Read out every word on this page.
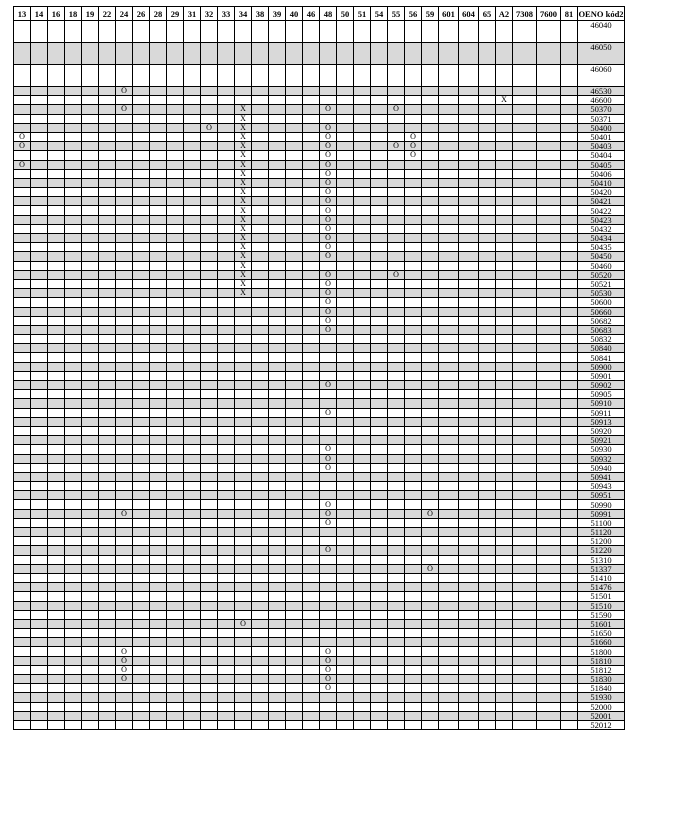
13	14	16	18	19	22	24	26	28	29	31	32	33	34	38	39	40	46	48	50	51	54	55	56	59	601	604	65	A2	7308	7600	81	OENO kód2
																																46040
																																46050
																																46060
						O																										46530
																												X				46600
						O							X					O				O										50370
													X																			50371
											O		X					O														50400
O													X					O					O									50401
O													X					O				O	O									50403
													X					O					O									50404
O													X					O														50405
													X					O														50406
													X					O														50410
													X					O														50420
													X					O														50421
													X					O														50422
													X					O														50423
													X					O														50432
													X					O														50434
													X					O														50435
													X					O														50450
													X																			50460
													X					O				O										50520
													X					O														50521
													X					O														50530
																		O														50600
																		O														50660
																		O														50682
																		O														50683
																																50832
																																50840
																																50841
																																50900
																																50901
																		O														50902
																																50905
																																50910
																		O														50911
																																50913
																																50920
																																50921
																		O														50930
																		O														50932
																		O														50940
																																50941
																																50943
																																50951
																		O														50990
						O												O						O								50991
																		O														51100
																																51120
																																51200
																		O														51220
																																51310
																								O								51337
																																51410
																																51476
																																51501
																																51510
																																51590
													O																			51601
																																51650
																																51660
						O												O														51800
						O												O														51810
						O												O														51812
						O												O														51830
																		O														51840
																																51930
																																52000
																																52001
																																52012
